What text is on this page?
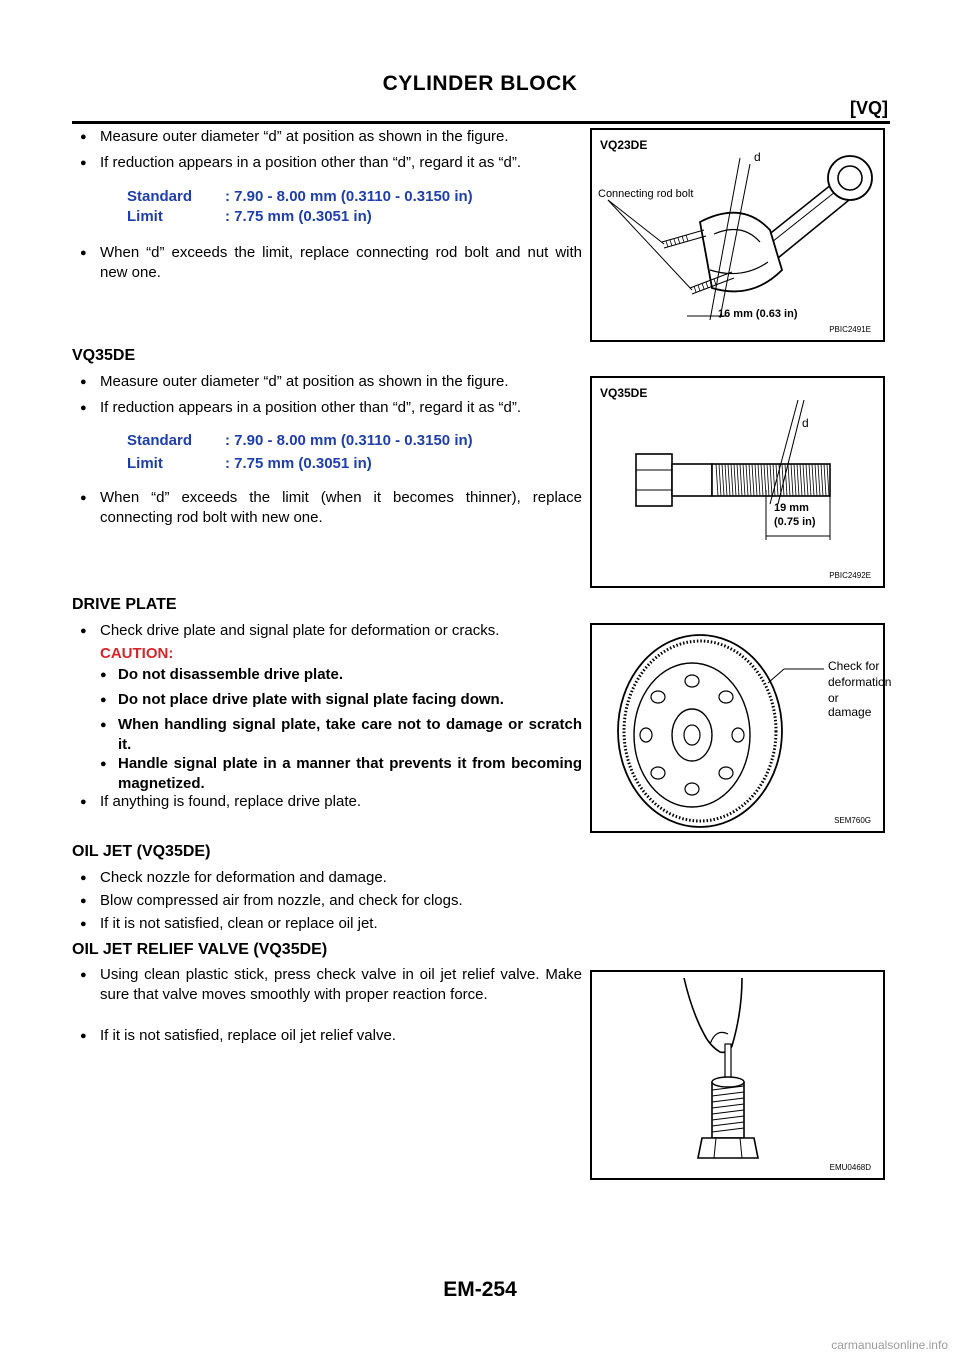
CYLINDER BLOCK
[VQ]
● Measure outer diameter “d” at position as shown in the figure.
● If reduction appears in a position other than “d”, regard it as “d”.
Standard : 7.90 - 8.00 mm (0.3110 - 0.3150 in)
Limit	: 7.75 mm (0.3051 in)
● When “d” exceeds the limit, replace connecting rod bolt and nut with new one.
VQ23DE
d
Connecting rod bolt
16 mm (0.63 in)
PBIC2491E
VQ35DE
● Measure outer diameter “d” at position as shown in the figure.
● If reduction appears in a position other than “d”, regard it as “d”.
Standard : 7.90 - 8.00 mm (0.3110 - 0.3150 in)
Limit	: 7.75 mm (0.3051 in)
● When “d” exceeds the limit (when it becomes thinner), replace connecting rod bolt with new one.
VQ35DE
d
19 mm
(0.75 in)
PBIC2492E
DRIVE PLATE
● Check drive plate and signal plate for deformation or cracks.
CAUTION:
● Do not disassemble drive plate.
● Do not place drive plate with signal plate facing down.
● When handling signal plate, take care not to damage or scratch it.
● Handle signal plate in a manner that prevents it from becoming magnetized.
● If anything is found, replace drive plate.
Check for
deformation
or damage
SEM760G
OIL JET (VQ35DE)
● Check nozzle for deformation and damage.
● Blow compressed air from nozzle, and check for clogs.
● If it is not satisfied, clean or replace oil jet.
OIL JET RELIEF VALVE (VQ35DE)
● Using clean plastic stick, press check valve in oil jet relief valve. Make sure that valve moves smoothly with proper reaction force.
● If it is not satisfied, replace oil jet relief valve.
EMU0468D
EM-254
carmanualsonline.info
